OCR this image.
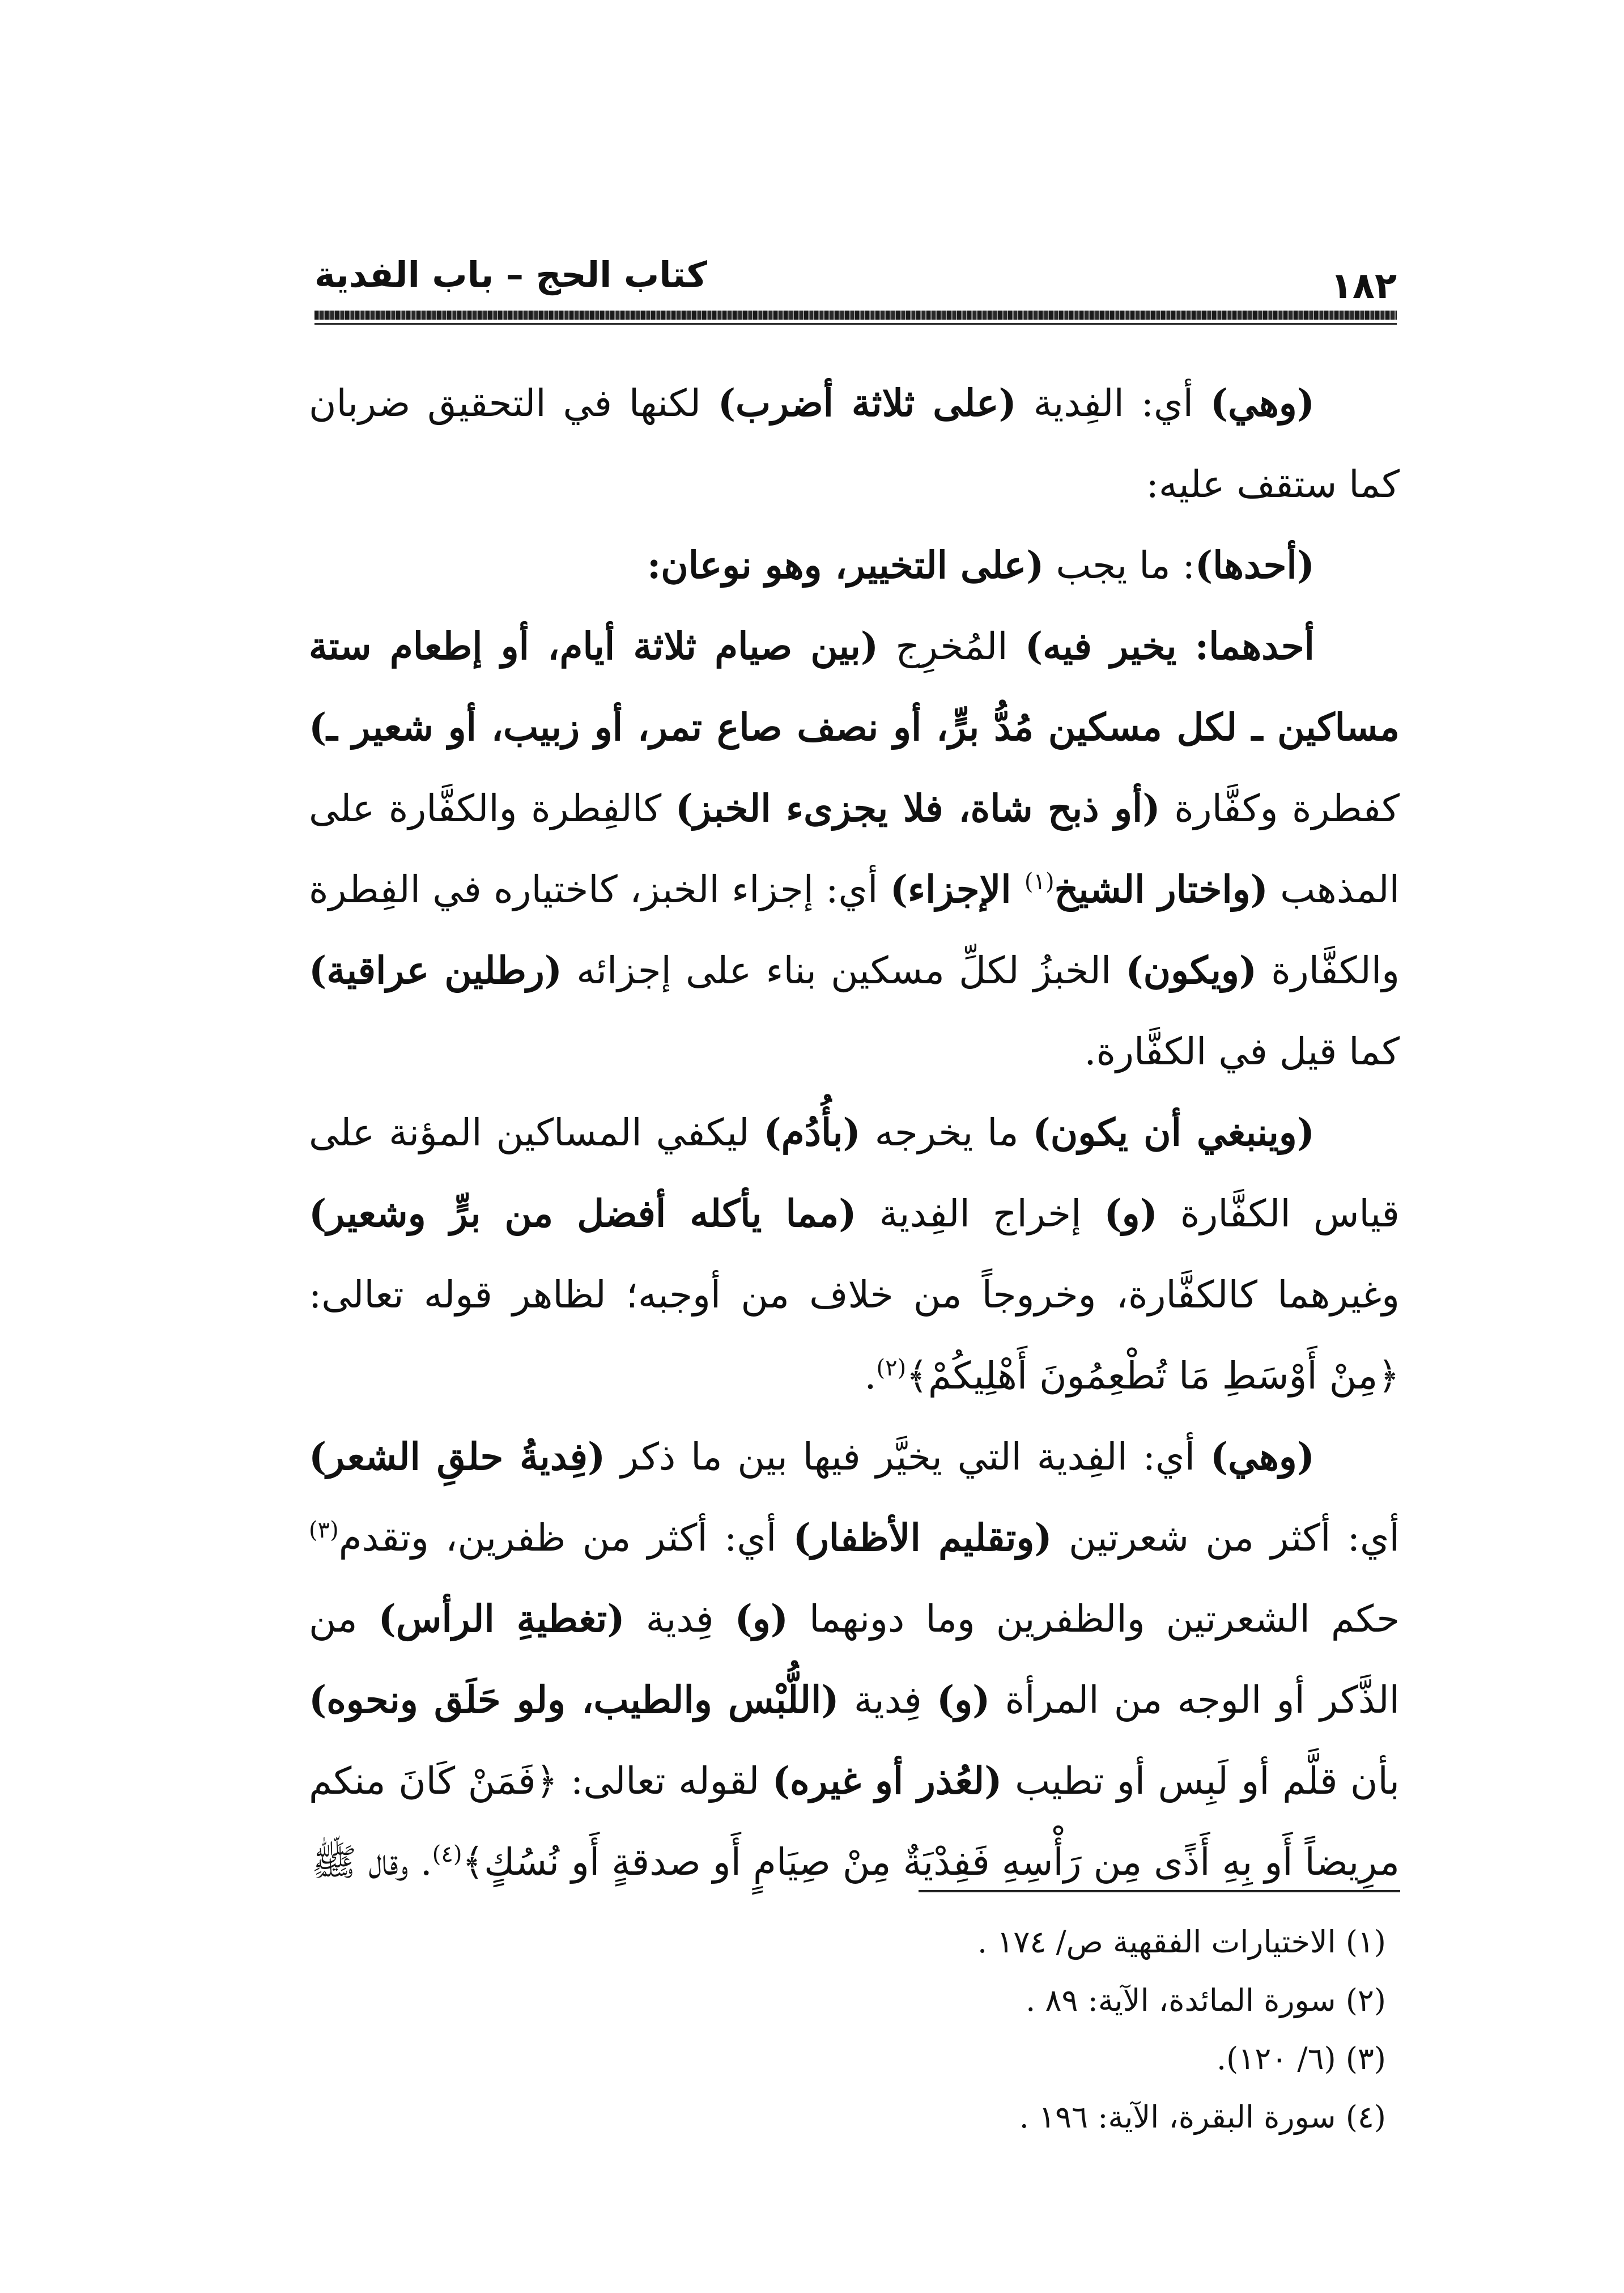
١٨٢
كتاب الحج – باب الفدية

(وهي) أي: الفِدية (على ثلاثة أضرب) لكنها في التحقيق ضربان كما ستقف عليه:

(أحدها): ما يجب (على التخيير، وهو نوعان:

أحدهما: يخير فيه) المُخرِج (بين صيام ثلاثة أيام، أو إطعام ستة مساكين ـ لكل مسكين مُدُّ برٍّ، أو نصف صاع تمر، أو زبيب، أو شعير ـ) كفطرة وكفَّارة (أو ذبح شاة، فلا يجزىء الخبز) كالفِطرة والكفَّارة على المذهب (واختار الشيخ$^{(١)}$ الإجزاء) أي: إجزاء الخبز، كاختياره في الفِطرة والكفَّارة (ويكون) الخبزُ لكلِّ مسكين بناء على إجزائه (رطلين عراقية) كما قيل في الكفَّارة.

(وينبغي أن يكون) ما يخرجه (بأُدُم) ليكفي المساكين المؤنة على قياس الكفَّارة (و) إخراج الفِدية (مما يأكله أفضل من برٍّ وشعير) وغيرهما كالكفَّارة، وخروجاً من خلاف من أوجبه؛ لظاهر قوله تعالى: ﴿مِنْ أَوْسَطِ مَا تُطْعِمُونَ أَهْلِيكُمْ﴾$^{(٢)}$.

(وهي) أي: الفِدية التي يخيَّر فيها بين ما ذكر (فِديةُ حلقِ الشعر) أي: أكثر من شعرتين (وتقليم الأظفار) أي: أكثر من ظفرين، وتقدم$^{(٣)}$ حكم الشعرتين والظفرين وما دونهما (و) فِدية (تغطيةِ الرأس) من الذَّكر أو الوجه من المرأة (و) فِدية (اللُّبْس والطيب، ولو حَلَق ونحوه) بأن قلَّم أو لَبِس أو تطيب (لعُذر أو غيره) لقوله تعالى: ﴿فَمَنْ كَانَ منكم مرِيضاً أَو بِهِ أَذًى مِن رَأْسِهِ فَفِدْيَةٌ مِنْ صِيَامٍ أَو صدقةٍ أَو نُسُكٍ﴾$^{(٤)}$. وقال ﷺ

(١) الاختيارات الفقهية ص/ ١٧٤ .
(٢) سورة المائدة، الآية: ٨٩ .
(٣) (٦/ ١٢٠).
(٤) سورة البقرة، الآية: ١٩٦ .
